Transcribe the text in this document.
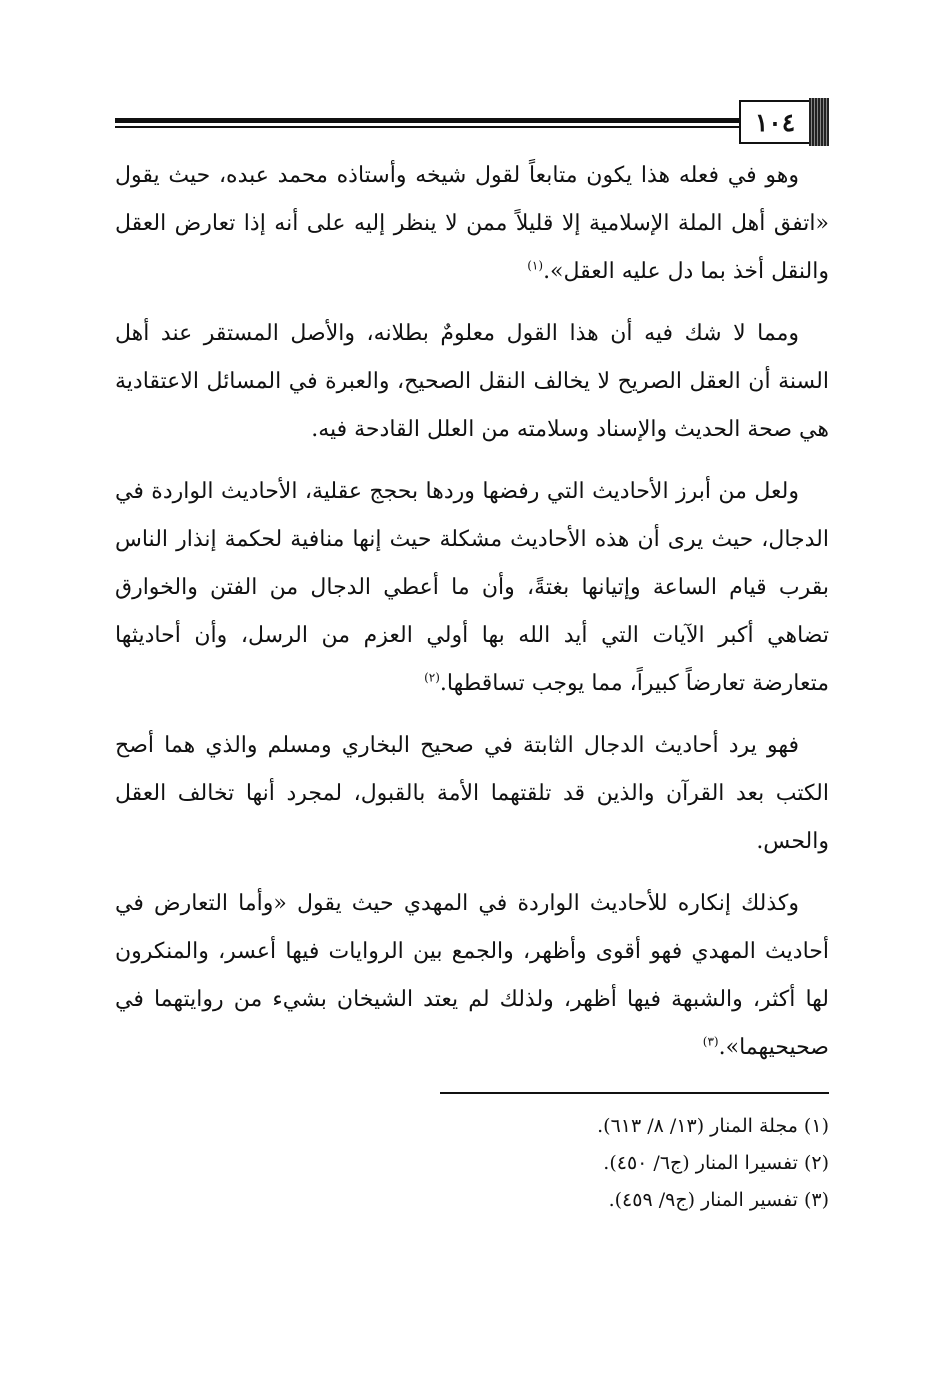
١٠٤

وهو في فعله هذا يكون متابعاً لقول شيخه وأستاذه محمد عبده، حيث يقول «اتفق أهل الملة الإسلامية إلا قليلاً ممن لا ينظر إليه على أنه إذا تعارض العقل والنقل أخذ بما دل عليه العقل».$^{(١)}$

ومما لا شك فيه أن هذا القول معلومٌ بطلانه، والأصل المستقر عند أهل السنة أن العقل الصريح لا يخالف النقل الصحيح، والعبرة في المسائل الاعتقادية هي صحة الحديث والإسناد وسلامته من العلل القادحة فيه.

ولعل من أبرز الأحاديث التي رفضها وردها بحجج عقلية، الأحاديث الواردة في الدجال، حيث يرى أن هذه الأحاديث مشكلة حيث إنها منافية لحكمة إنذار الناس بقرب قيام الساعة وإتيانها بغتةً، وأن ما أعطي الدجال من الفتن والخوارق تضاهي أكبر الآيات التي أيد الله بها أولي العزم من الرسل، وأن أحاديثها متعارضة تعارضاً كبيراً، مما يوجب تساقطها.$^{(٢)}$

فهو يرد أحاديث الدجال الثابتة في صحيح البخاري ومسلم والذي هما أصح الكتب بعد القرآن والذين قد تلقتهما الأمة بالقبول، لمجرد أنها تخالف العقل والحس.

وكذلك إنكاره للأحاديث الواردة في المهدي حيث يقول «وأما التعارض في أحاديث المهدي فهو أقوى وأظهر، والجمع بين الروايات فيها أعسر، والمنكرون لها أكثر، والشبهة فيها أظهر، ولذلك لم يعتد الشيخان بشيء من روايتهما في صحيحيهما».$^{(٣)}$

(١) مجلة المنار (١٣/ ٨/ ٦١٣).

(٢) تفسيرا المنار (ج٦/ ٤٥٠).

(٣) تفسير المنار (ج٩/ ٤٥٩).
